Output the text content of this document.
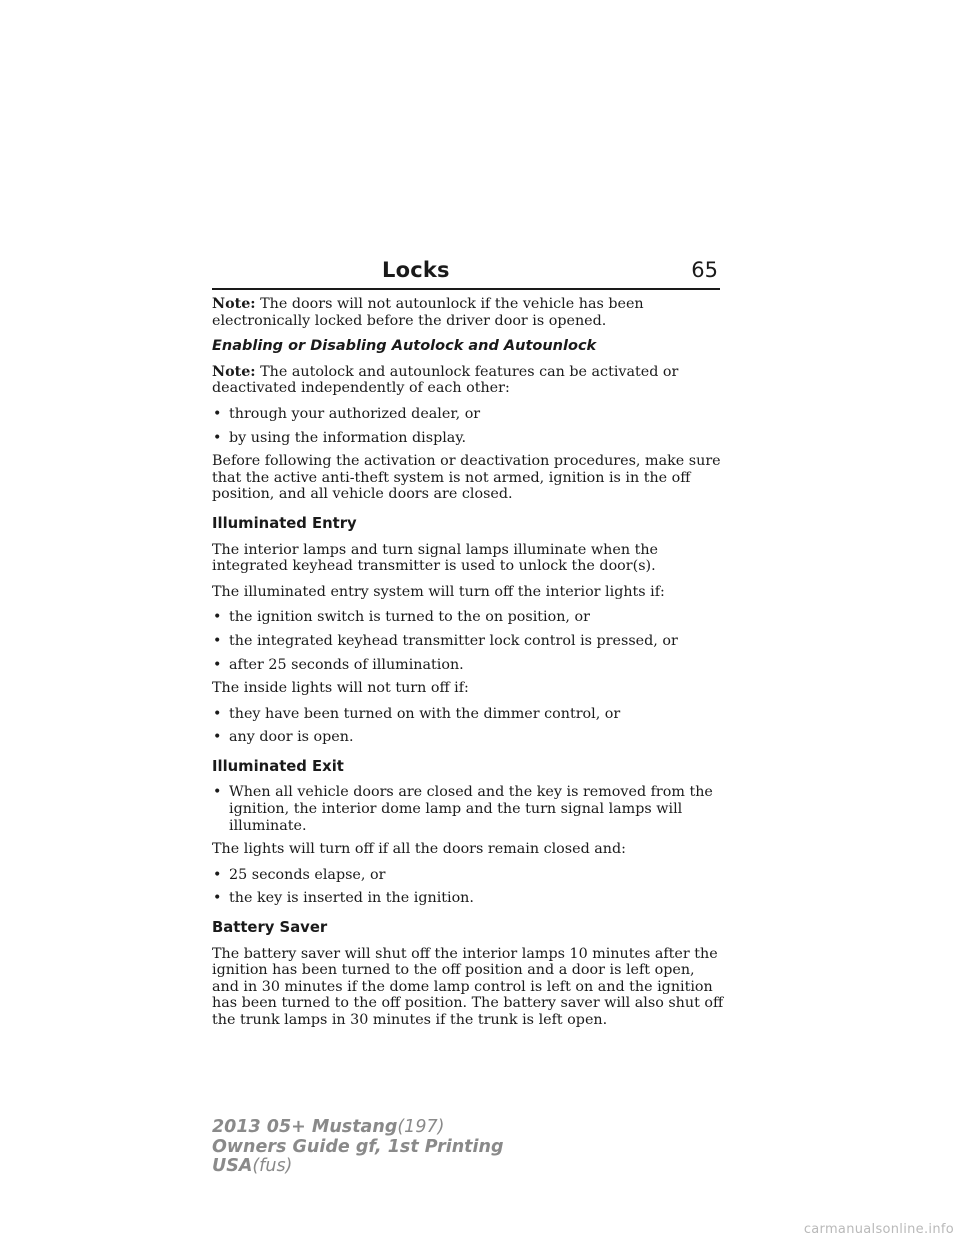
Locks	65

Note: The doors will not autounlock if the vehicle has been electronically locked before the driver door is opened.

Enabling or Disabling Autolock and Autounlock

Note: The autolock and autounlock features can be activated or deactivated independently of each other:

• through your authorized dealer, or
• by using the information display.

Before following the activation or deactivation procedures, make sure that the active anti-theft system is not armed, ignition is in the off position, and all vehicle doors are closed.

Illuminated Entry

The interior lamps and turn signal lamps illuminate when the integrated keyhead transmitter is used to unlock the door(s).

The illuminated entry system will turn off the interior lights if:

• the ignition switch is turned to the on position, or
• the integrated keyhead transmitter lock control is pressed, or
• after 25 seconds of illumination.

The inside lights will not turn off if:

• they have been turned on with the dimmer control, or
• any door is open.
Illuminated Exit
• When all vehicle doors are closed and the key is removed from the ignition, the interior dome lamp and the turn signal lamps will illuminate.

The lights will turn off if all the doors remain closed and:

• 25 seconds elapse, or
• the key is inserted in the ignition.
Battery Saver

The battery saver will shut off the interior lamps 10 minutes after the ignition has been turned to the off position and a door is left open, and in 30 minutes if the dome lamp control is left on and the ignition has been turned to the off position. The battery saver will also shut off the trunk lamps in 30 minutes if the trunk is left open.

2013 05+ Mustang(197)
Owners Guide gf, 1st Printing
USA(fus)
carmanualsonline.info
